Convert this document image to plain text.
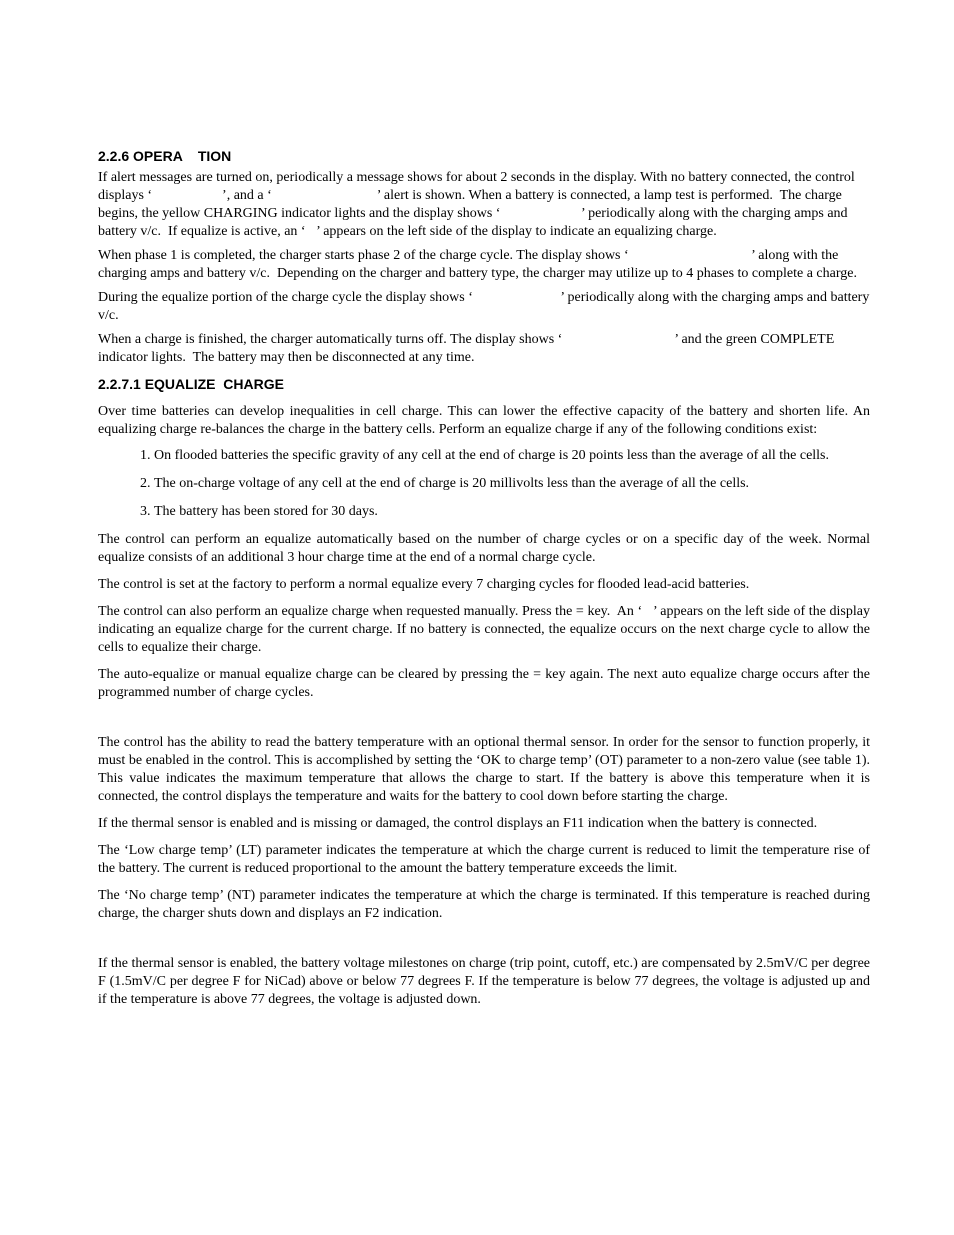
2.2.6 OPERA    TION

If alert messages are turned on, periodically a message shows for about 2 seconds in the display. With no battery connected, the control displays ‘                    ’, and a ‘                              ’ alert is shown. When a battery is connected, a lamp test is performed.  The charge begins, the yellow CHARGING indicator lights and the display shows ‘                       ’ periodically along with the charging amps and battery v/c.  If equalize is active, an ‘   ’ appears on the left side of the display to indicate an equalizing charge.

When phase 1 is completed, the charger starts phase 2 of the charge cycle. The display shows ‘                                   ’ along with the charging amps and battery v/c.  Depending on the charger and battery type, the charger may utilize up to 4 phases to complete a charge.

During the equalize portion of the charge cycle the display shows ‘                         ’ periodically along with the charging amps and battery v/c.

When a charge is finished, the charger automatically turns off. The display shows ‘                                ’ and the green COMPLETE indicator lights.  The battery may then be disconnected at any time.

2.2.7.1 EQUALIZE  CHARGE

Over time batteries can develop inequalities in cell charge. This can lower the effective capacity of the battery and shorten life. An equalizing charge re-balances the charge in the battery cells. Perform an equalize charge if any of the following conditions exist:

1. On flooded batteries the specific gravity of any cell at the end of charge is 20 points less than the average of all the cells.
2. The on-charge voltage of any cell at the end of charge is 20 millivolts less than the average of all the cells.
3. The battery has been stored for 30 days.

The control can perform an equalize automatically based on the number of charge cycles or on a specific day of the week. Normal equalize consists of an additional 3 hour charge time at the end of a normal charge cycle.

The control is set at the factory to perform a normal equalize every 7 charging cycles for flooded lead-acid batteries.

The control can also perform an equalize charge when requested manually. Press the = key.  An ‘   ’ appears on the left side of the display indicating an equalize charge for the current charge. If no battery is connected, the equalize occurs on the next charge cycle to allow the cells to equalize their charge.

The auto-equalize or manual equalize charge can be cleared by pressing the = key again. The next auto equalize charge occurs after the programmed number of charge cycles.

The control has the ability to read the battery temperature with an optional thermal sensor. In order for the sensor to function properly, it must be enabled in the control. This is accomplished by setting the ‘OK to charge temp’ (OT) parameter to a non-zero value (see table 1). This value indicates the maximum temperature that allows the charge to start. If the battery is above this temperature when it is connected, the control displays the temperature and waits for the battery to cool down before starting the charge.

If the thermal sensor is enabled and is missing or damaged, the control displays an F11 indication when the battery is connected.

The ‘Low charge temp’ (LT) parameter indicates the temperature at which the charge current is reduced to limit the temperature rise of the battery. The current is reduced proportional to the amount the battery temperature exceeds the limit.

The ‘No charge temp’ (NT) parameter indicates the temperature at which the charge is terminated. If this temperature is reached during charge, the charger shuts down and displays an F2 indication.

If the thermal sensor is enabled, the battery voltage milestones on charge (trip point, cutoff, etc.) are compensated by 2.5mV/C per degree F (1.5mV/C per degree F for NiCad) above or below 77 degrees F. If the temperature is below 77 degrees, the voltage is adjusted up and if the temperature is above 77 degrees, the voltage is adjusted down.
